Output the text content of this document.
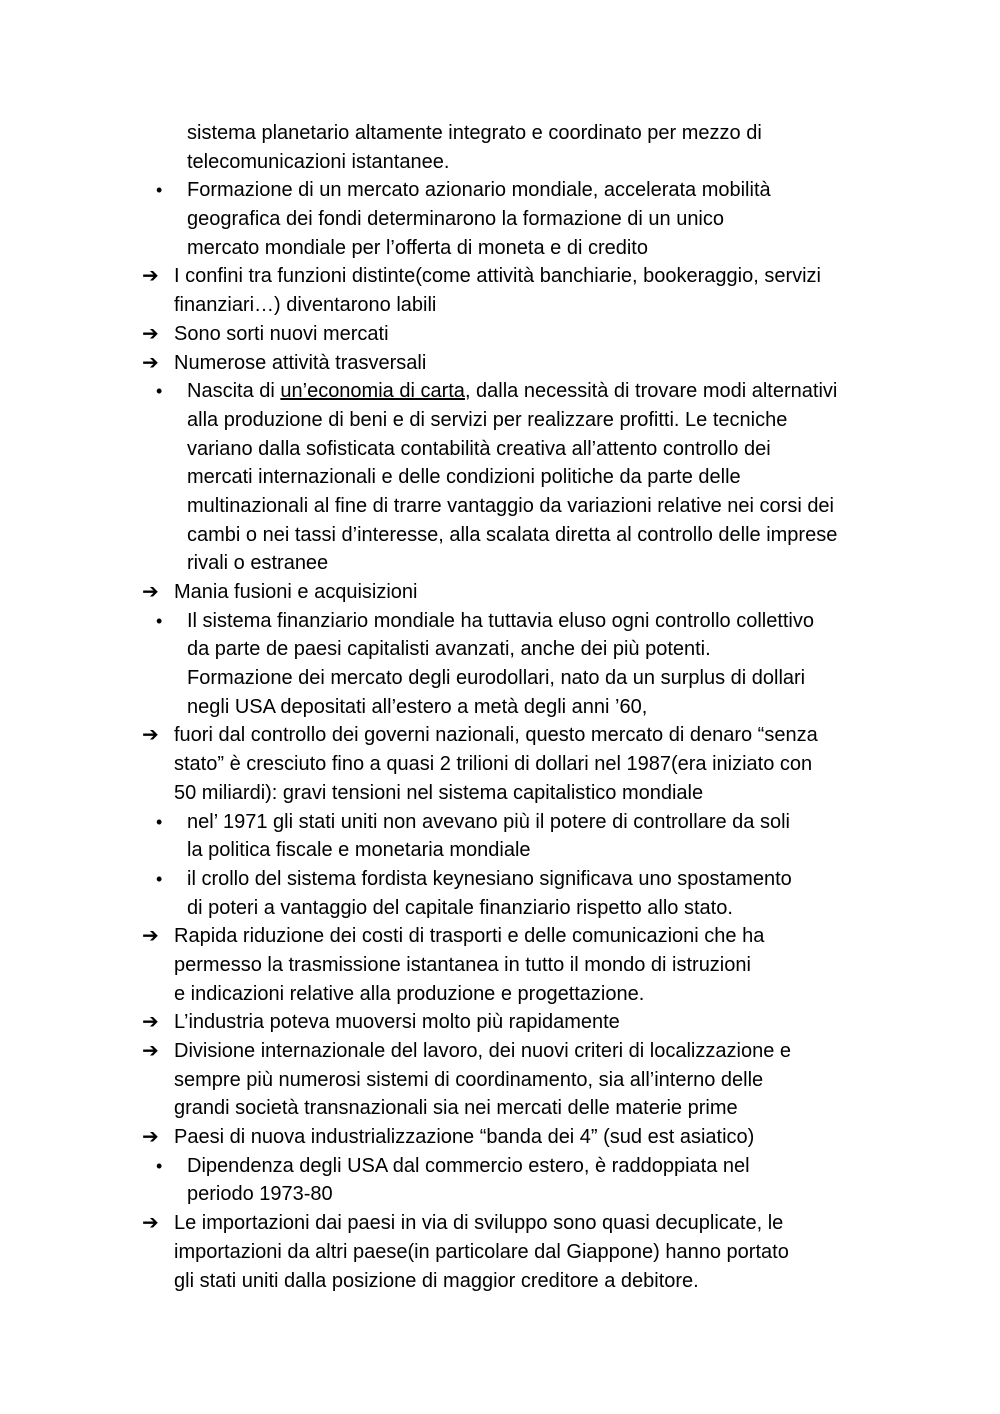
sistema planetario altamente integrato e coordinato per mezzo di
telecomunicazioni istantanee.
•	Formazione di un mercato azionario mondiale, accelerata mobilità
geografica dei fondi determinarono la formazione di un unico
mercato mondiale per l’offerta di moneta e di credito
➔ I confini tra funzioni distinte(come attività banchiarie, bookeraggio, servizi
finanziari…) diventarono labili
➔ Sono sorti nuovi mercati
➔ Numerose attività trasversali
•	Nascita di un’economia di carta, dalla necessità di trovare modi alternativi
alla produzione di beni e di servizi per realizzare profitti. Le tecniche
variano dalla sofisticata contabilità creativa all’attento controllo dei
mercati internazionali e delle condizioni politiche da parte delle
multinazionali al fine di trarre vantaggio da variazioni relative nei corsi dei
cambi o nei tassi d’interesse, alla scalata diretta al controllo delle imprese
rivali o estranee
➔ Mania fusioni e acquisizioni
•	Il sistema finanziario mondiale ha tuttavia eluso ogni controllo collettivo
da parte de paesi capitalisti avanzati, anche dei più potenti.
Formazione dei mercato degli eurodollari, nato da un surplus di dollari
negli USA depositati all’estero a metà degli anni ’60,
➔ fuori dal controllo dei governi nazionali, questo mercato di denaro “senza
stato” è cresciuto fino a quasi 2 trilioni di dollari nel 1987(era iniziato con
50 miliardi): gravi tensioni nel sistema capitalistico mondiale
•	nel’ 1971 gli stati uniti non avevano più il potere di controllare da soli
la politica fiscale e monetaria mondiale
•	il crollo del sistema fordista keynesiano significava uno spostamento
di poteri a vantaggio del capitale finanziario rispetto allo stato.
➔ Rapida riduzione dei costi di trasporti e delle comunicazioni che ha
permesso la trasmissione istantanea in tutto il mondo di istruzioni
e indicazioni relative alla produzione e progettazione.
➔ L’industria poteva muoversi molto più rapidamente
➔ Divisione internazionale del lavoro, dei nuovi criteri di localizzazione e
sempre più numerosi sistemi di coordinamento, sia all’interno delle
grandi società transnazionali sia nei mercati delle materie prime
➔ Paesi di nuova industrializzazione “banda dei 4” (sud est asiatico)
•	Dipendenza degli USA dal commercio estero, è raddoppiata nel
periodo 1973-80
➔ Le importazioni dai paesi in via di sviluppo sono quasi decuplicate, le
importazioni da altri paese(in particolare dal Giappone) hanno portato
gli stati uniti dalla posizione di maggior creditore a debitore.
